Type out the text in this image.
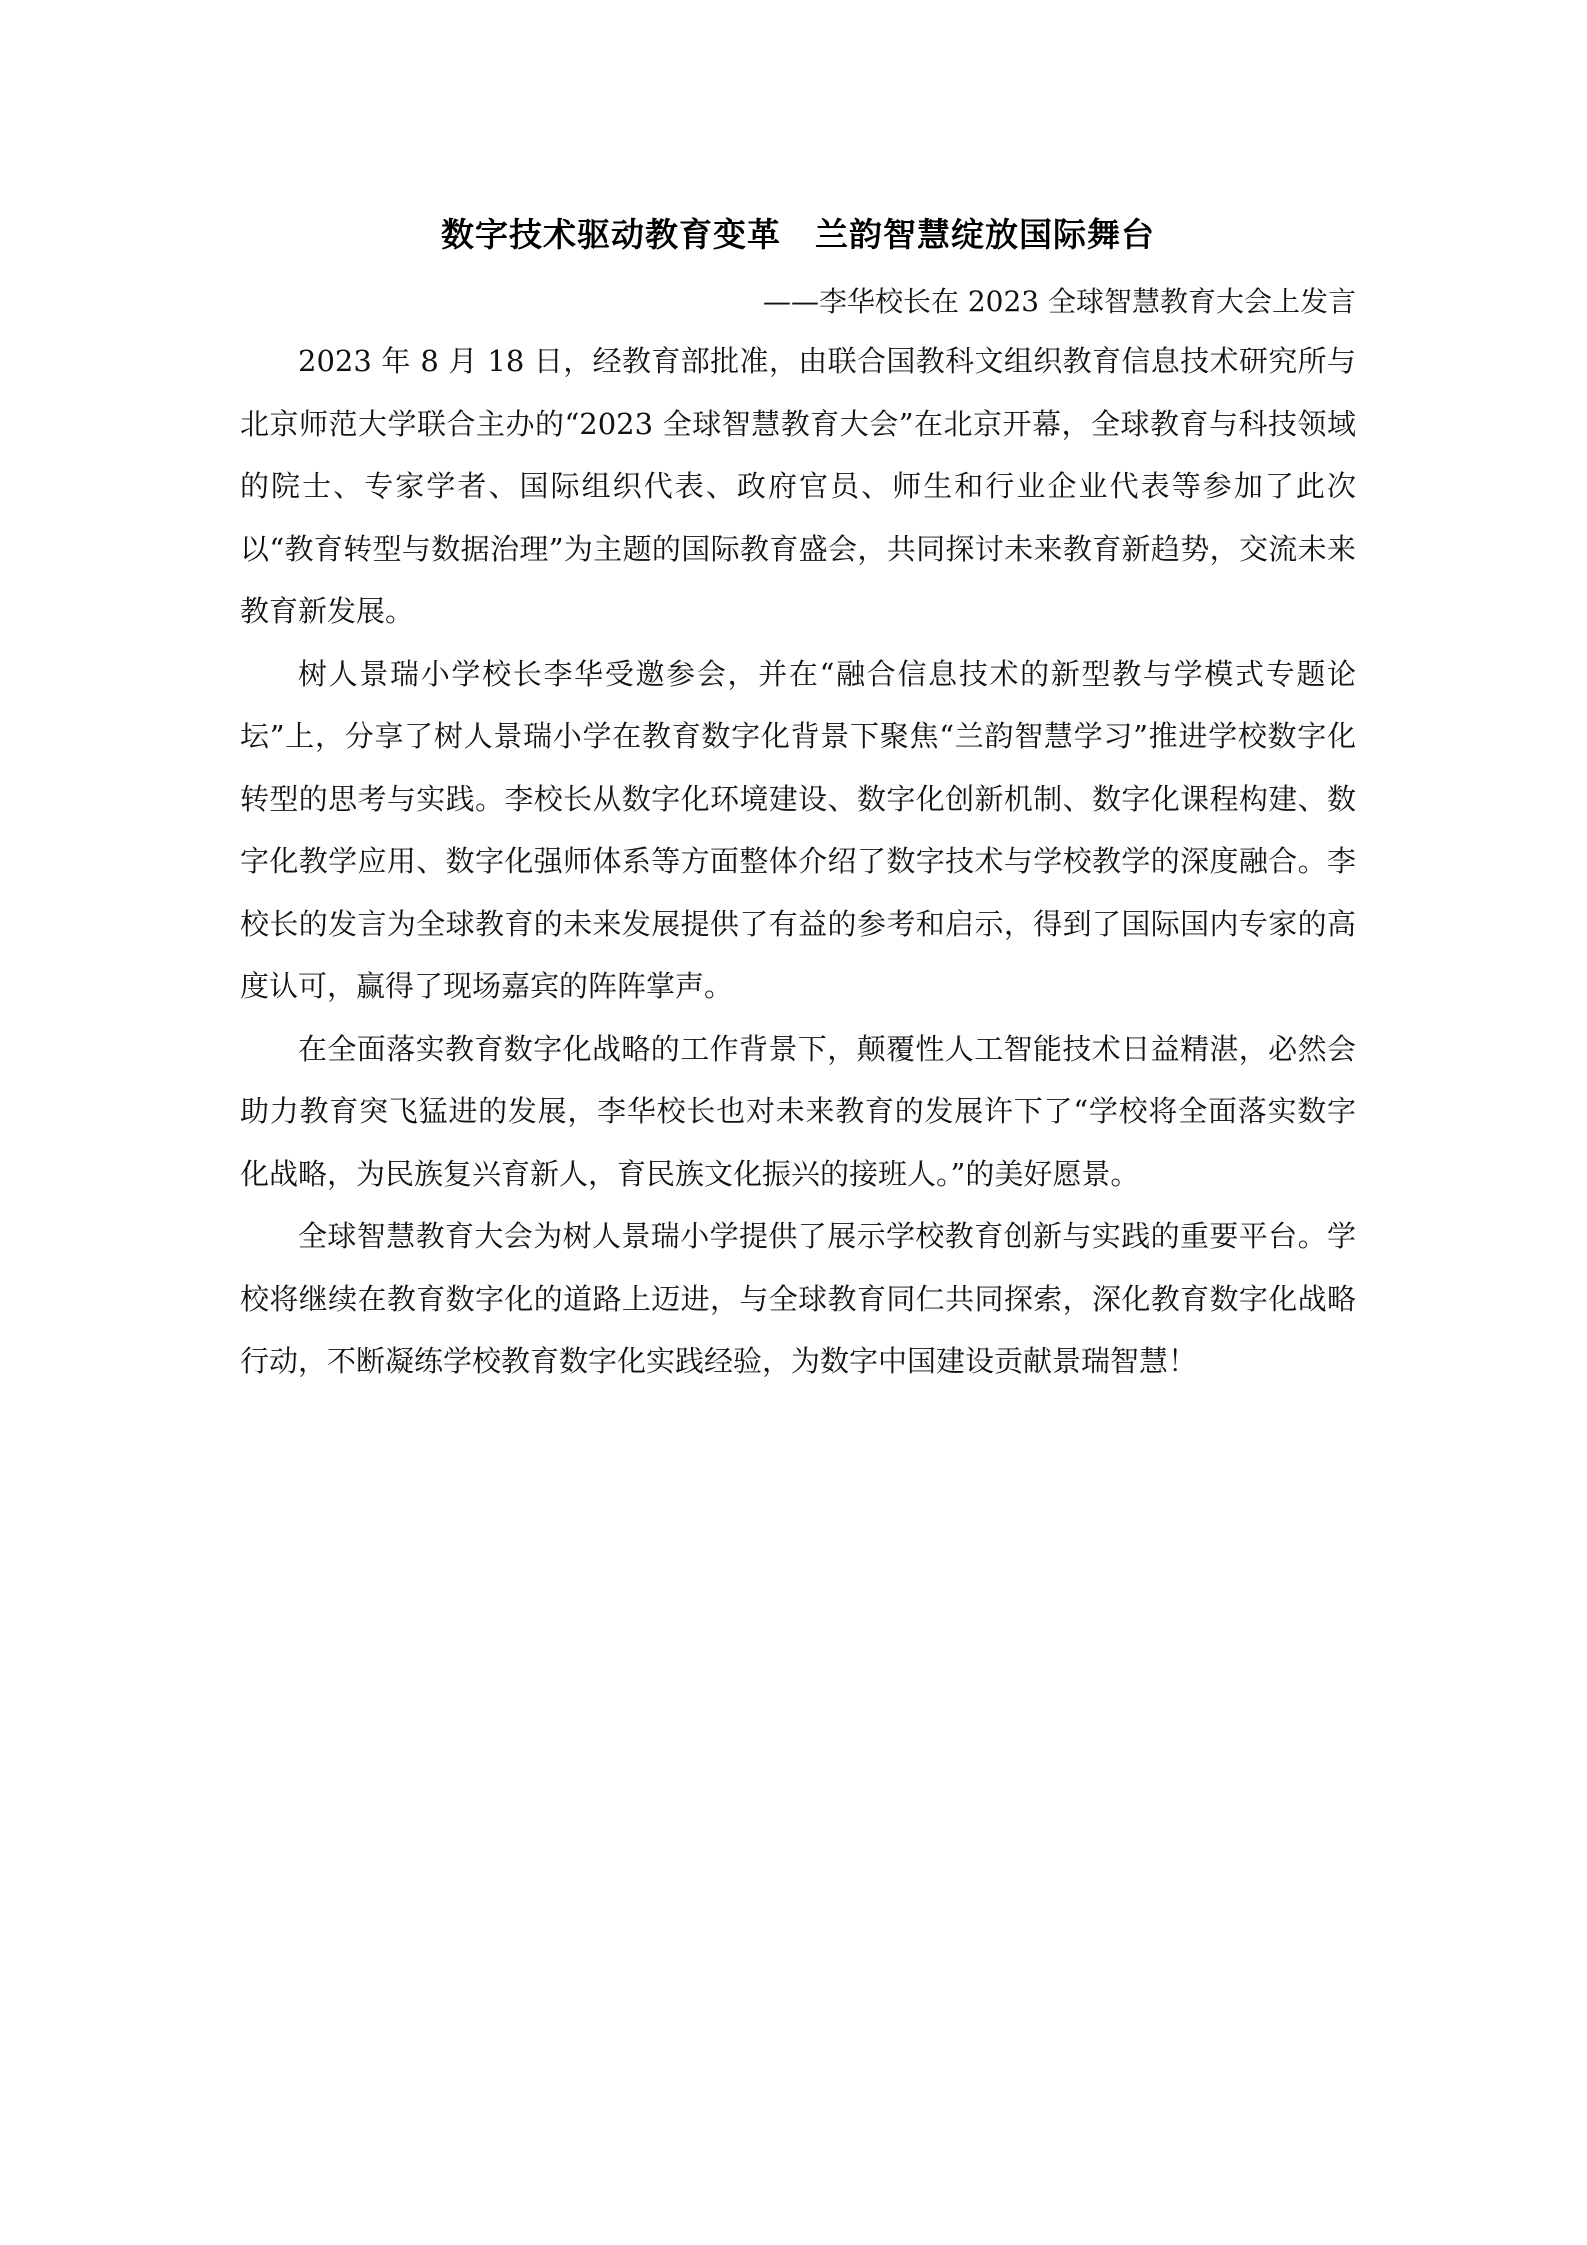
数字技术驱动教育变革　兰韵智慧绽放国际舞台

——李华校长在 2023 全球智慧教育大会上发言

2023 年 8 月 18 日，经教育部批准，由联合国教科文组织教育信息技术研究所与北京师范大学联合主办的“2023 全球智慧教育大会”在北京开幕，全球教育与科技领域的院士、专家学者、国际组织代表、政府官员、师生和行业企业代表等参加了此次以“教育转型与数据治理”为主题的国际教育盛会，共同探讨未来教育新趋势，交流未来教育新发展。

树人景瑞小学校长李华受邀参会，并在“融合信息技术的新型教与学模式专题论坛”上，分享了树人景瑞小学在教育数字化背景下聚焦“兰韵智慧学习”推进学校数字化转型的思考与实践。李校长从数字化环境建设、数字化创新机制、数字化课程构建、数字化教学应用、数字化强师体系等方面整体介绍了数字技术与学校教学的深度融合。李校长的发言为全球教育的未来发展提供了有益的参考和启示，得到了国际国内专家的高度认可，赢得了现场嘉宾的阵阵掌声。

在全面落实教育数字化战略的工作背景下，颠覆性人工智能技术日益精湛，必然会助力教育突飞猛进的发展，李华校长也对未来教育的发展许下了“学校将全面落实数字化战略，为民族复兴育新人，育民族文化振兴的接班人。”的美好愿景。

全球智慧教育大会为树人景瑞小学提供了展示学校教育创新与实践的重要平台。学校将继续在教育数字化的道路上迈进，与全球教育同仁共同探索，深化教育数字化战略行动，不断凝练学校教育数字化实践经验，为数字中国建设贡献景瑞智慧！
